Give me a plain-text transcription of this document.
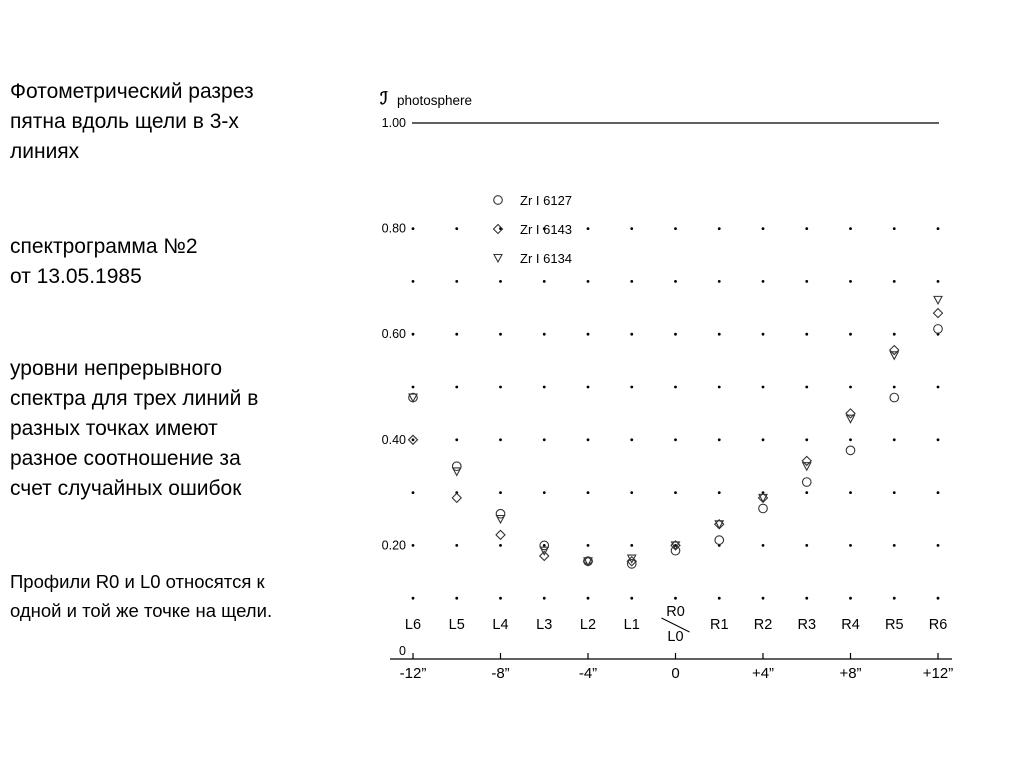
Фотометрический разрез
пятна вдоль щели в 3-х
линиях

спектрограмма №2
от 13.05.1985

уровни непрерывного
спектра для трех линий в
разных точках имеют
разное соотношение за
счет случайных ошибок

Профили R0 и L0 относятся к
одной и той же точке на щели.

ℐ photosphere
1.00
0.80
0.60
0.40
0.20
0
Zr I 6127
Zr I 6143
Zr I 6134
L6 L5 L4 L3 L2 L1
R0
L0
R1 R2 R3 R4 R5 R6
-12”	-8”	-4”	0	+4”	+8”	+12”
